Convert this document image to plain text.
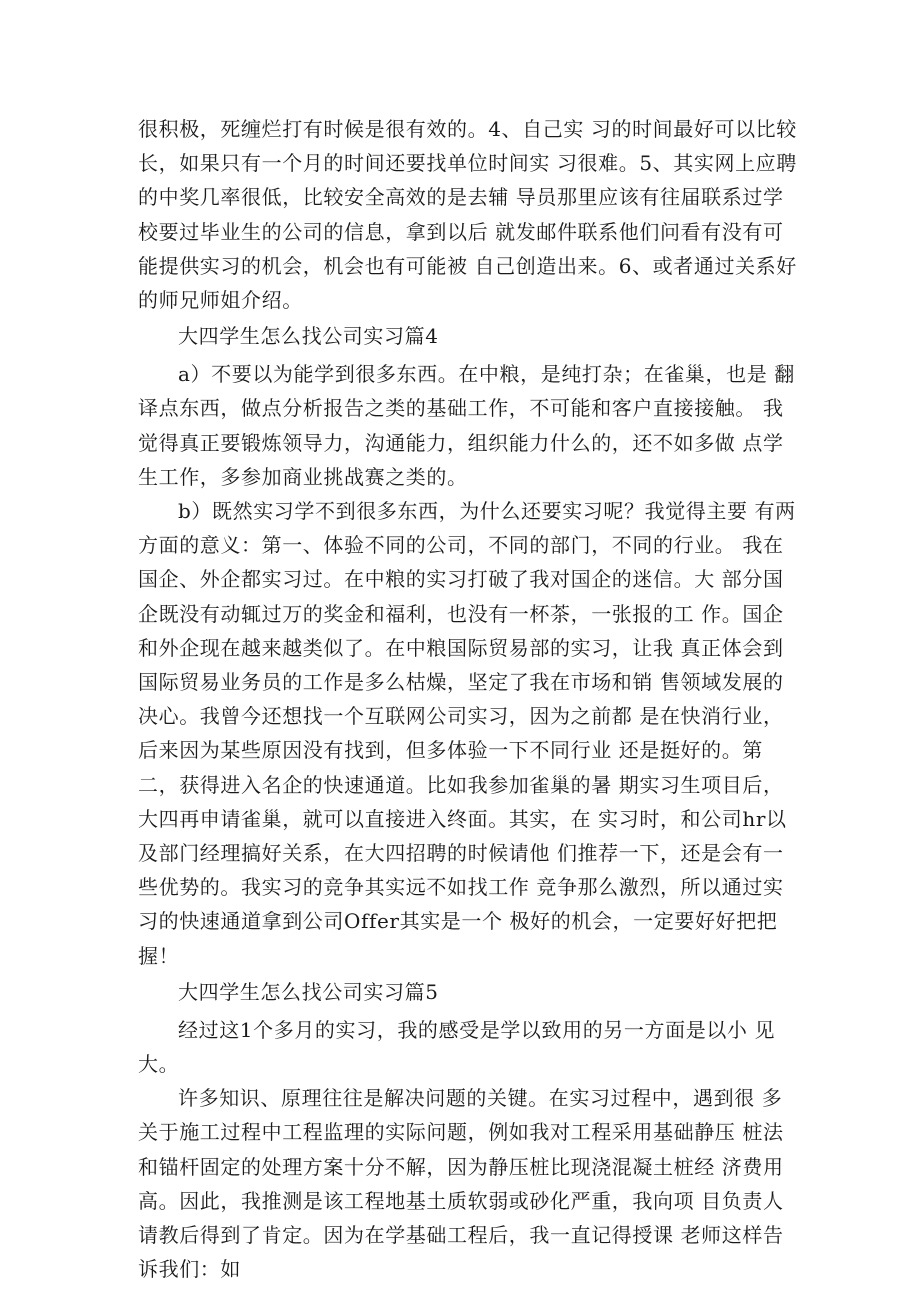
很积极，死缠烂打有时候是很有效的。4、自己实 习的时间最好可以比较长，如果只有一个月的时间还要找单位时间实 习很难。5、其实网上应聘的中奖几率很低，比较安全高效的是去辅 导员那里应该有往届联系过学校要过毕业生的公司的信息，拿到以后 就发邮件联系他们问看有没有可能提供实习的机会，机会也有可能被 自己创造出来。6、或者通过关系好的师兄师姐介绍。

大四学生怎么找公司实习篇4

a）不要以为能学到很多东西。在中粮，是纯打杂；在雀巢，也是 翻译点东西，做点分析报告之类的基础工作，不可能和客户直接接触。 我觉得真正要锻炼领导力，沟通能力，组织能力什么的，还不如多做 点学生工作，多参加商业挑战赛之类的。

b）既然实习学不到很多东西，为什么还要实习呢？我觉得主要 有两方面的意义：第一、体验不同的公司，不同的部门，不同的行业。 我在国企、外企都实习过。在中粮的实习打破了我对国企的迷信。大 部分国企既没有动辄过万的奖金和福利，也没有一杯茶，一张报的工 作。国企和外企现在越来越类似了。在中粮国际贸易部的实习，让我 真正体会到国际贸易业务员的工作是多么枯燥，坚定了我在市场和销 售领域发展的决心。我曾今还想找一个互联网公司实习，因为之前都 是在快消行业，后来因为某些原因没有找到，但多体验一下不同行业 还是挺好的。第二，获得进入名企的快速通道。比如我参加雀巢的暑 期实习生项目后，大四再申请雀巢，就可以直接进入终面。其实，在 实习时，和公司hr以及部门经理搞好关系，在大四招聘的时候请他 们推荐一下，还是会有一些优势的。我实习的竞争其实远不如找工作 竞争那么激烈，所以通过实习的快速通道拿到公司Offer其实是一个 极好的机会，一定要好好把把握！

大四学生怎么找公司实习篇5

经过这1个多月的实习，我的感受是学以致用的另一方面是以小 见大。

许多知识、原理往往是解决问题的关键。在实习过程中，遇到很 多关于施工过程中工程监理的实际问题，例如我对工程采用基础静压 桩法和锚杆固定的处理方案十分不解，因为静压桩比现浇混凝土桩经 济费用高。因此，我推测是该工程地基土质软弱或砂化严重，我向项 目负责人请教后得到了肯定。因为在学基础工程后，我一直记得授课 老师这样告诉我们：如
